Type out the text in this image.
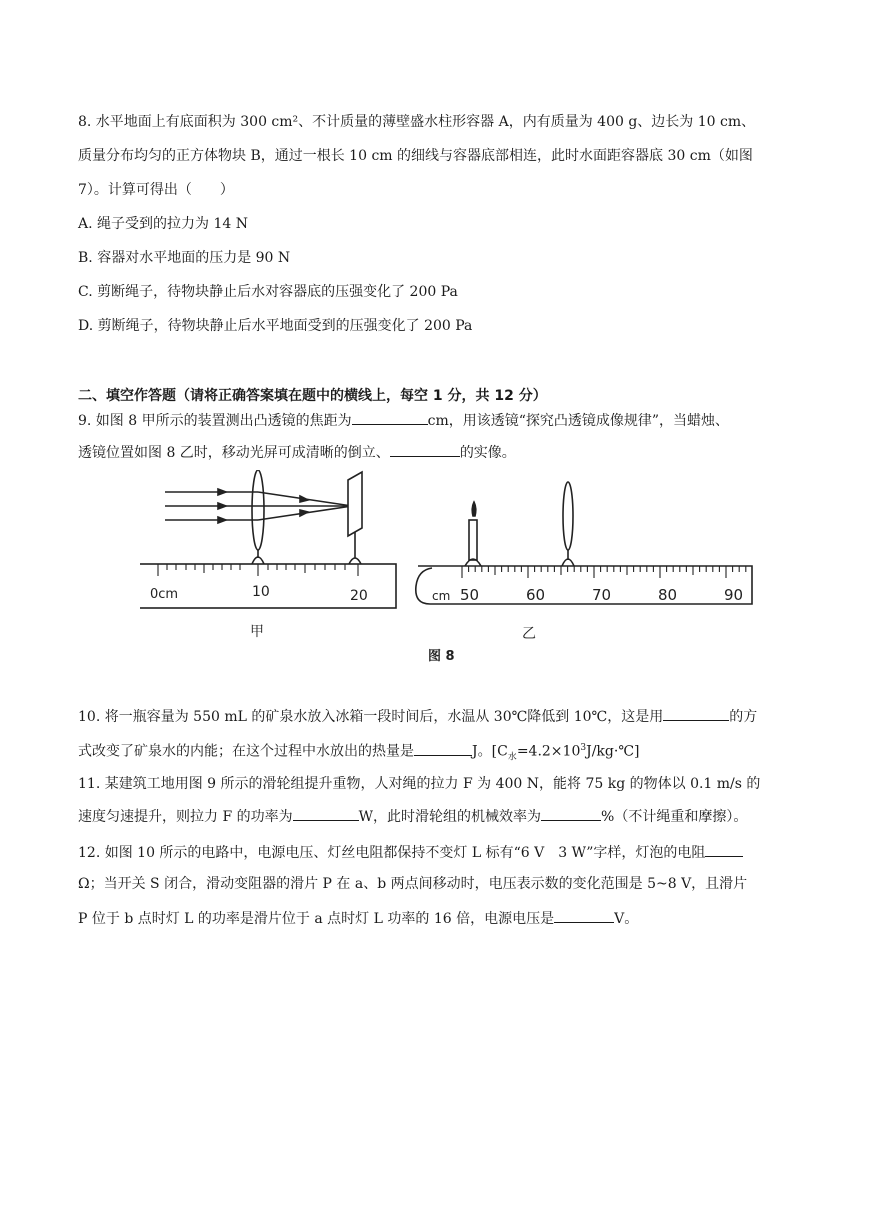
8. 水平地面上有底面积为 300 cm²、不计质量的薄壁盛水柱形容器 A，内有质量为 400 g、边长为 10 cm、
质量分布均匀的正方体物块 B，通过一根长 10 cm 的细线与容器底部相连，此时水面距容器底 30 cm（如图
7）。计算可得出（　　）
A. 绳子受到的拉力为 14 N
B. 容器对水平地面的压力是 90 N
C. 剪断绳子，待物块静止后水对容器底的压强变化了 200 Pa
D. 剪断绳子，待物块静止后水平地面受到的压强变化了 200 Pa
二、填空作答题（请将正确答案填在题中的横线上，每空 1 分，共 12 分）
9. 如图 8 甲所示的装置测出凸透镜的焦距为	cm，用该透镜“探究凸透镜成像规律”，当蜡烛、
透镜位置如图 8 乙时，移动光屏可成清晰的倒立、	的实像。
0cm	10	20
甲
cm 50	60	70	80	90
乙
图 8
10. 将一瓶容量为 550 mL 的矿泉水放入冰箱一段时间后，水温从 30℃降低到 10℃，这是用	的方
式改变了矿泉水的内能；在这个过程中水放出的热量是	J。$[C_水=4.2\times 10^3J/kg\cdot℃]$
11. 某建筑工地用图 9 所示的滑轮组提升重物，人对绳的拉力 F 为 400 N，能将 75 kg 的物体以 0.1 m/s 的
速度匀速提升，则拉力 F 的功率为	W，此时滑轮组的机械效率为	%（不计绳重和摩擦）。
12. 如图 10 所示的电路中，电源电压、灯丝电阻都保持不变灯 L 标有“6 V　3 W”字样，灯泡的电阻
Ω；当开关 S 闭合，滑动变阻器的滑片 P 在 a、b 两点间移动时，电压表示数的变化范围是 5~8 V，且滑片
P 位于 b 点时灯 L 的功率是滑片位于 a 点时灯 L 功率的 16 倍，电源电压是	V。
